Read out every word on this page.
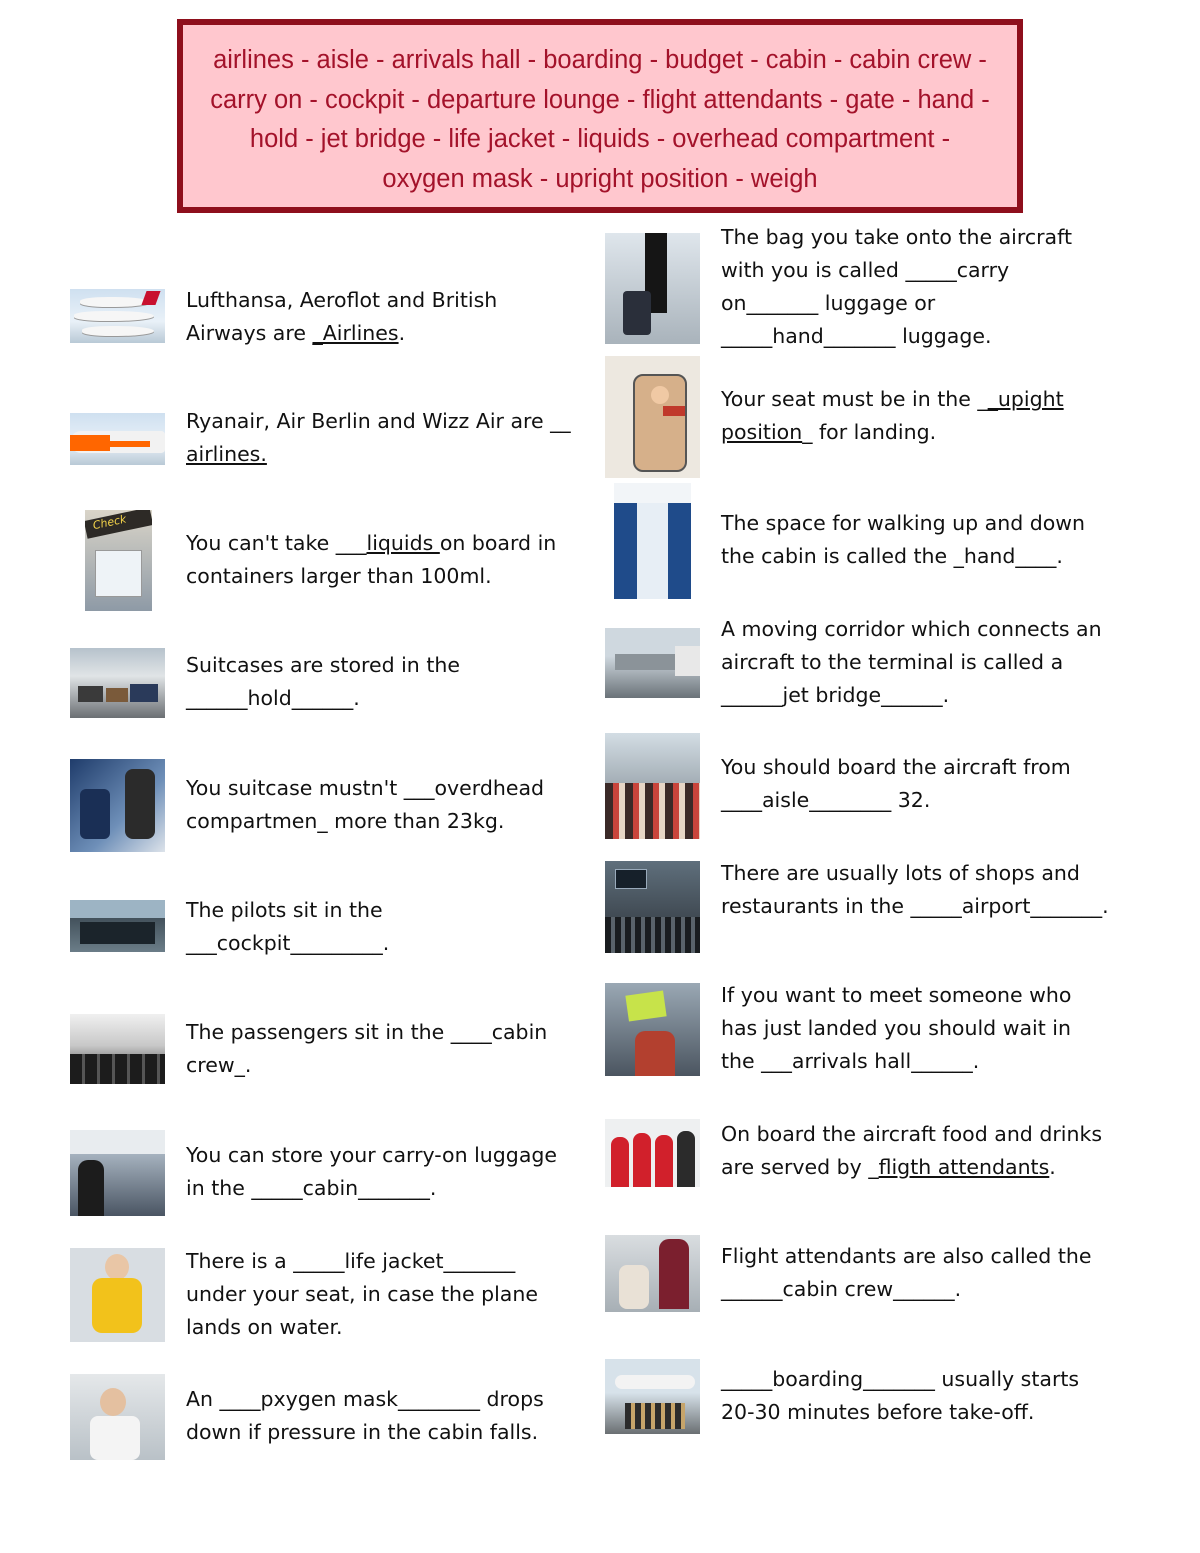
airlines - aisle - arrivals hall - boarding - budget - cabin - cabin crew -
carry on - cockpit - departure lounge - flight attendants - gate - hand -
hold - jet bridge - life jacket - liquids - overhead compartment -
oxygen mask - upright position - weigh
Lufthansa, Aeroflot and British Airways are _Airlines.
Ryanair, Air Berlin and Wizz Air are __ airlines.
Check
You can't take ___liquids on board in containers larger than 100ml.
Suitcases are stored in the ______hold______.
You suitcase mustn't ___overdhead compartmen_ more than 23kg.
The pilots sit in the ___cockpit_________.
The passengers sit in the ____cabin crew_.
You can store your carry-on luggage in the _____cabin_______.
There is a _____life jacket_______ under your seat, in case the plane lands on water.
An ____pxygen mask________ drops down if pressure in the cabin falls.
The bag you take onto the aircraft with you is called _____carry on_______ luggage or _____hand_______ luggage.
Your seat must be in the __upight position_ for landing.
The space for walking up and down the cabin is called the _hand____.
A moving corridor which connects an aircraft to the terminal is called a ______jet bridge______.
You should board the aircraft from ____aisle________ 32.
There are usually lots of shops and restaurants in the _____airport_______.
If you want to meet someone who has just landed you should wait in the ___arrivals hall______.
On board the aircraft food and drinks are served by _fligth attendants.
Flight attendants are also called the ______cabin crew______.
_____boarding_______ usually starts 20-30 minutes before take-off.
